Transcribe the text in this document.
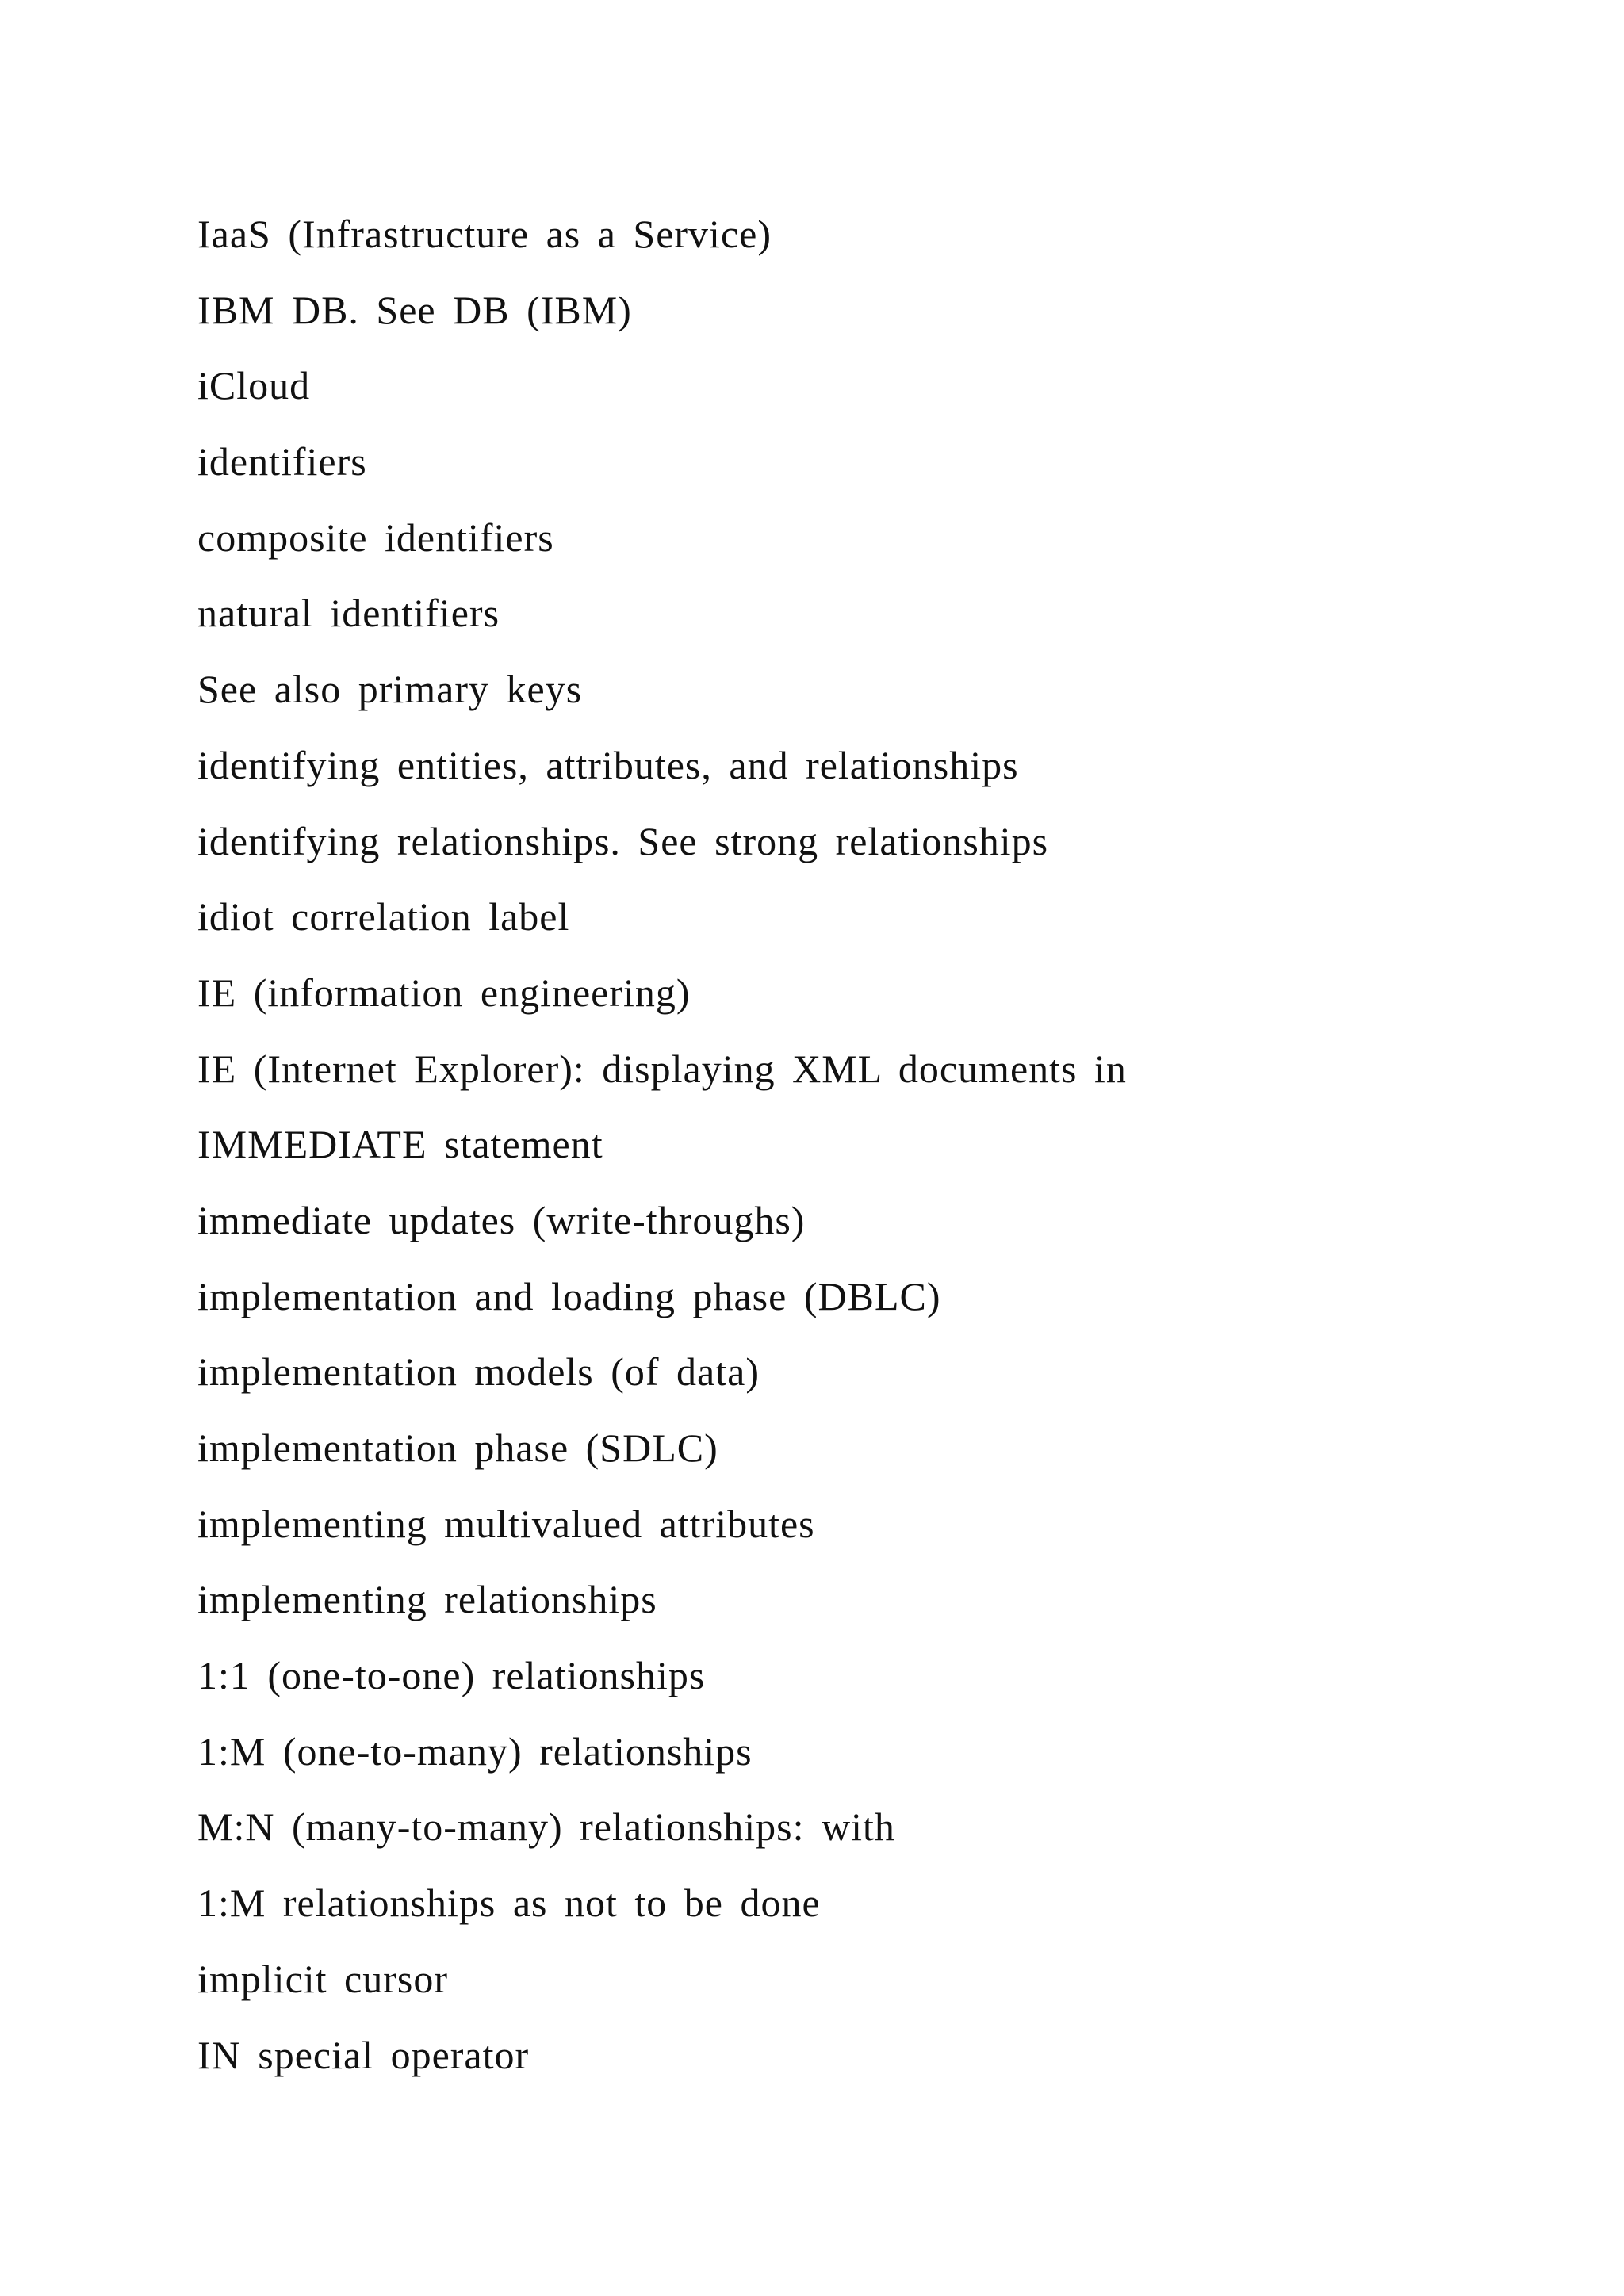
IaaS (Infrastructure as a Service)
IBM DB. See DB (IBM)
iCloud
identifiers
composite identifiers
natural identifiers
See also primary keys
identifying entities, attributes, and relationships
identifying relationships. See strong relationships
idiot correlation label
IE (information engineering)
IE (Internet Explorer): displaying XML documents in
IMMEDIATE statement
immediate updates (write-throughs)
implementation and loading phase (DBLC)
implementation models (of data)
implementation phase (SDLC)
implementing multivalued attributes
implementing relationships
1:1 (one-to-one) relationships
1:M (one-to-many) relationships
M:N (many-to-many) relationships: with
1:M relationships as not to be done
implicit cursor
IN special operator
